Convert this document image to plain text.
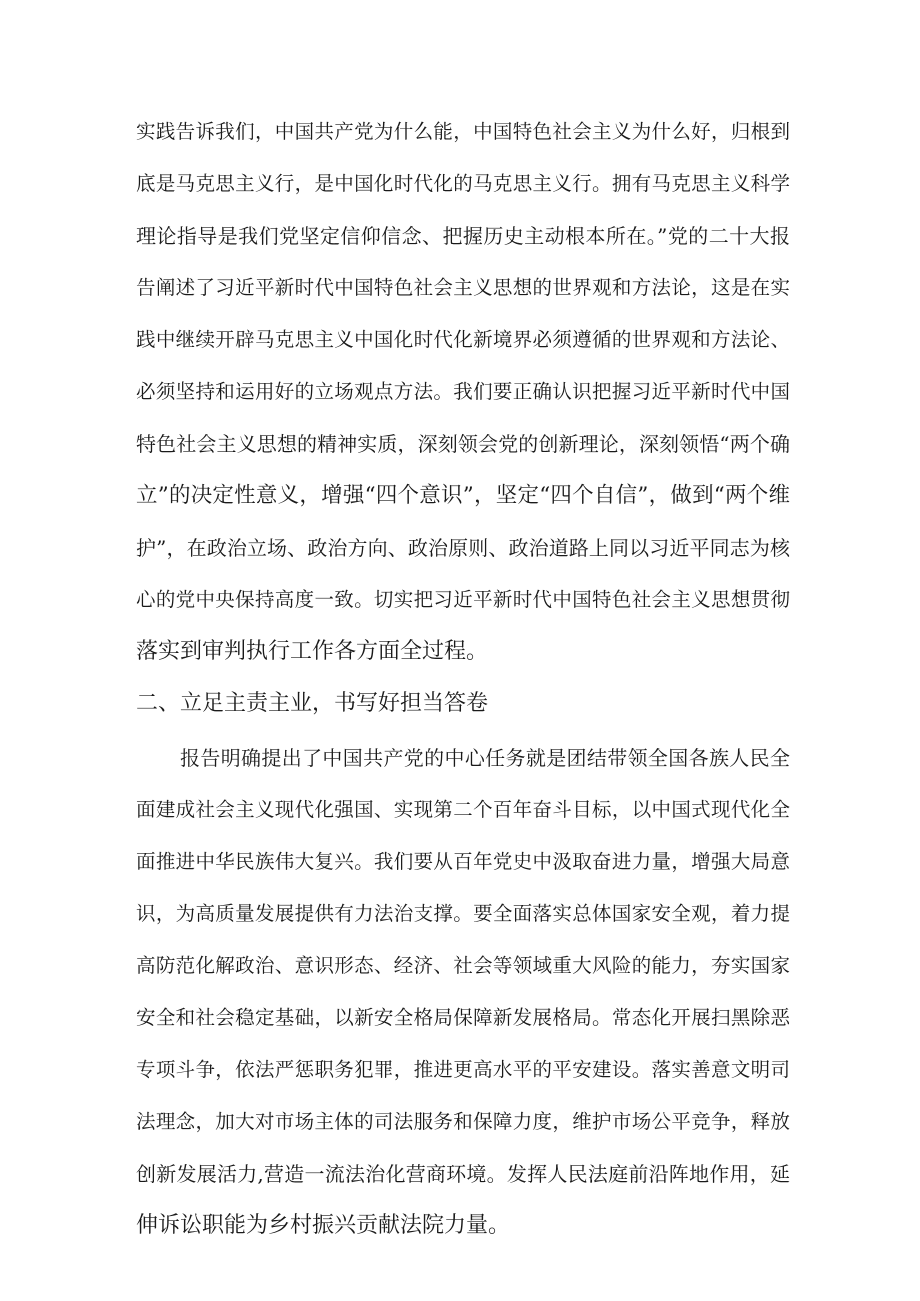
实践告诉我们，中国共产党为什么能，中国特色社会主义为什么好，归根到
底是马克思主义行，是中国化时代化的马克思主义行。拥有马克思主义科学
理论指导是我们党坚定信仰信念、把握历史主动根本所在。”党的二十大报
告阐述了习近平新时代中国特色社会主义思想的世界观和方法论，这是在实
践中继续开辟马克思主义中国化时代化新境界必须遵循的世界观和方法论、
必须坚持和运用好的立场观点方法。我们要正确认识把握习近平新时代中国
特色社会主义思想的精神实质，深刻领会党的创新理论，深刻领悟“两个确
立”的决定性意义，增强“四个意识”，坚定“四个自信”，做到“两个维
护”，在政治立场、政治方向、政治原则、政治道路上同以习近平同志为核
心的党中央保持高度一致。切实把习近平新时代中国特色社会主义思想贯彻
落实到审判执行工作各方面全过程。
二、立足主责主业，书写好担当答卷
报告明确提出了中国共产党的中心任务就是团结带领全国各族人民全
面建成社会主义现代化强国、实现第二个百年奋斗目标，以中国式现代化全
面推进中华民族伟大复兴。我们要从百年党史中汲取奋进力量，增强大局意
识，为高质量发展提供有力法治支撑。要全面落实总体国家安全观，着力提
高防范化解政治、意识形态、经济、社会等领域重大风险的能力，夯实国家
安全和社会稳定基础，以新安全格局保障新发展格局。常态化开展扫黑除恶
专项斗争，依法严惩职务犯罪，推进更高水平的平安建设。落实善意文明司
法理念，加大对市场主体的司法服务和保障力度，维护市场公平竞争，释放
创新发展活力,营造一流法治化营商环境。发挥人民法庭前沿阵地作用，延
伸诉讼职能为乡村振兴贡献法院力量。
